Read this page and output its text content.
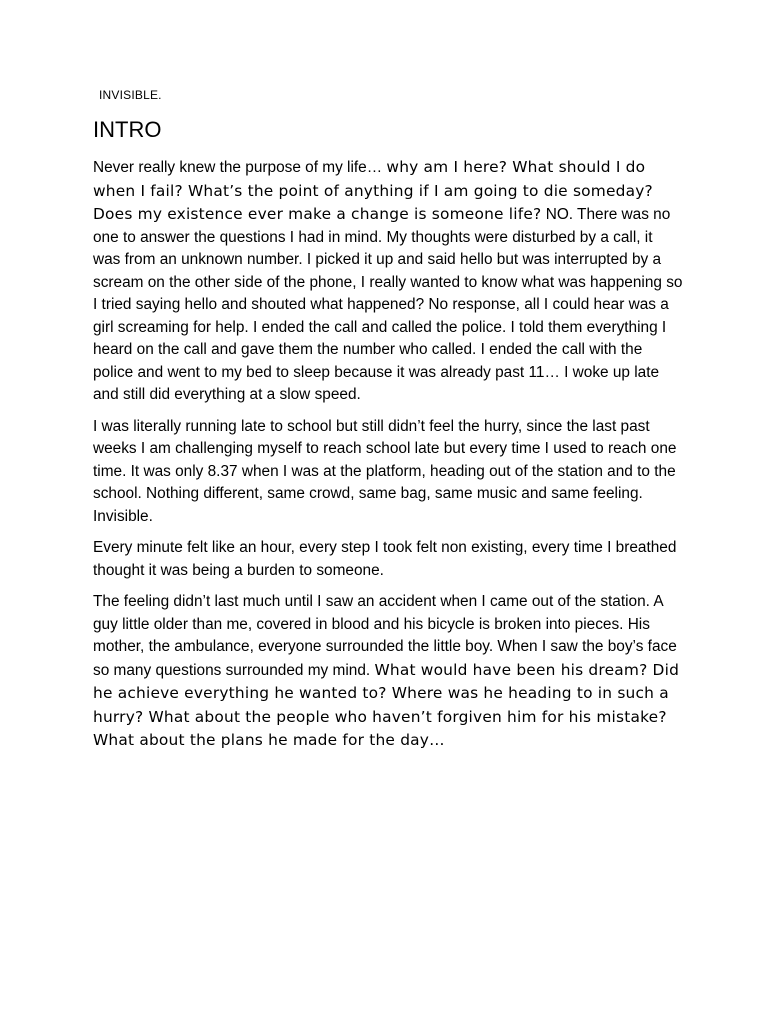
INVISIBLE.
INTRO

Never really knew the purpose of my life… why am I here? What should I do when I fail? What’s the point of anything if I am going to die someday? Does my existence ever make a change is someone life? NO. There was no one to answer the questions I had in mind. My thoughts were disturbed by a call, it was from an unknown number. I picked it up and said hello but was interrupted by a scream on the other side of the phone, I really wanted to know what was happening so I tried saying hello and shouted what happened? No response, all I could hear was a girl screaming for help. I ended the call and called the police. I told them everything I heard on the call and gave them the number who called. I ended the call with the police and went to my bed to sleep because it was already past 11… I woke up late and still did everything at a slow speed.

I was literally running late to school but still didn’t feel the hurry, since the last past weeks I am challenging myself to reach school late but every time I used to reach one time. It was only 8.37 when I was at the platform, heading out of the station and to the school. Nothing different, same crowd, same bag, same music and same feeling. Invisible.

Every minute felt like an hour, every step I took felt non existing, every time I breathed thought it was being a burden to someone.

The feeling didn’t last much until I saw an accident when I came out of the station. A guy little older than me, covered in blood and his bicycle is broken into pieces. His mother, the ambulance, everyone surrounded the little boy. When I saw the boy’s face so many questions surrounded my mind. What would have been his dream? Did he achieve everything he wanted to? Where was he heading to in such a hurry? What about the people who haven’t forgiven him for his mistake? What about the plans he made for the day…
